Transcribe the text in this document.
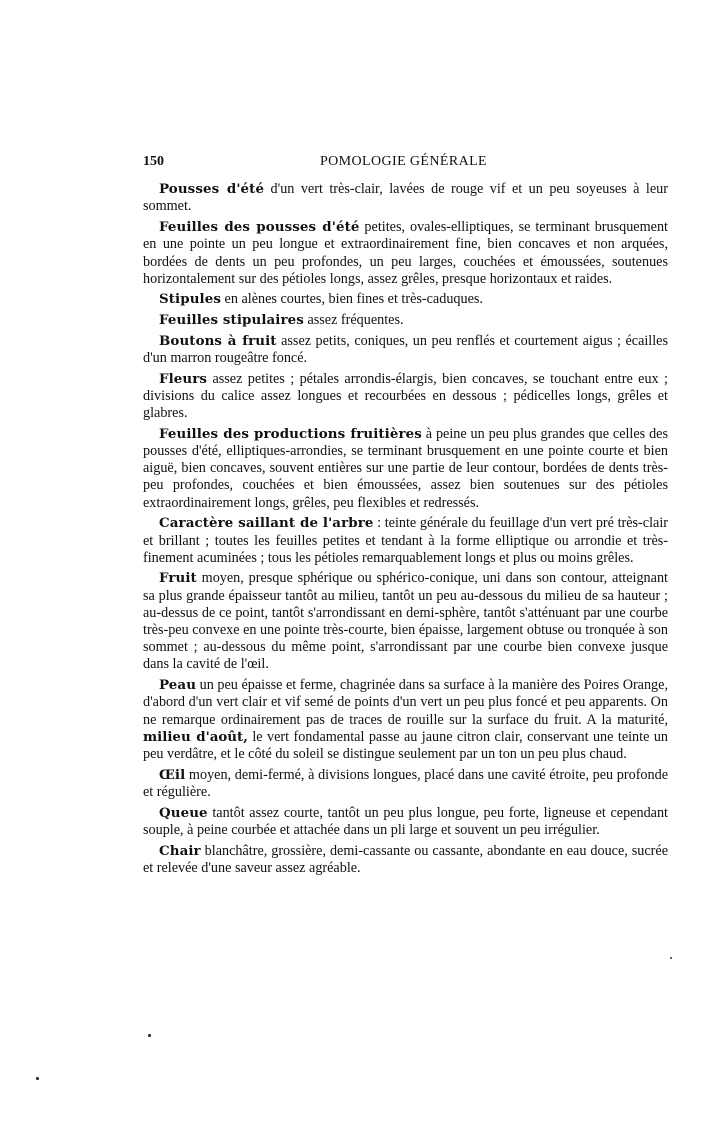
150	POMOLOGIE GÉNÉRALE

Pousses d'été d'un vert très-clair, lavées de rouge vif et un peu soyeuses à leur sommet.

Feuilles des pousses d'été petites, ovales-elliptiques, se terminant brusquement en une pointe un peu longue et extraordinairement fine, bien concaves et non arquées, bordées de dents un peu profondes, un peu larges, couchées et émoussées, soutenues horizontalement sur des pétioles longs, assez grêles, presque horizontaux et raides.

Stipules en alènes courtes, bien fines et très-caduques.

Feuilles stipulaires assez fréquentes.

Boutons à fruit assez petits, coniques, un peu renflés et courtement aigus ; écailles d'un marron rougeâtre foncé.

Fleurs assez petites ; pétales arrondis-élargis, bien concaves, se touchant entre eux ; divisions du calice assez longues et recourbées en dessous ; pédicelles longs, grêles et glabres.

Feuilles des productions fruitières à peine un peu plus grandes que celles des pousses d'été, elliptiques-arrondies, se terminant brusquement en une pointe courte et bien aiguë, bien concaves, souvent entières sur une partie de leur contour, bordées de dents très-peu profondes, couchées et bien émoussées, assez bien soutenues sur des pétioles extraordinairement longs, grêles, peu flexibles et redressés.

Caractère saillant de l'arbre : teinte générale du feuillage d'un vert pré très-clair et brillant ; toutes les feuilles petites et tendant à la forme elliptique ou arrondie et très-finement acuminées ; tous les pétioles remarquablement longs et plus ou moins grêles.

Fruit moyen, presque sphérique ou sphérico-conique, uni dans son contour, atteignant sa plus grande épaisseur tantôt au milieu, tantôt un peu au-dessous du milieu de sa hauteur ; au-dessus de ce point, tantôt s'arrondissant en demi-sphère, tantôt s'atténuant par une courbe très-peu convexe en une pointe très-courte, bien épaisse, largement obtuse ou tronquée à son sommet ; au-dessous du même point, s'arrondissant par une courbe bien convexe jusque dans la cavité de l'œil.

Peau un peu épaisse et ferme, chagrinée dans sa surface à la manière des Poires Orange, d'abord d'un vert clair et vif semé de points d'un vert un peu plus foncé et peu apparents. On ne remarque ordinairement pas de traces de rouille sur la surface du fruit. A la maturité, milieu d'août, le vert fondamental passe au jaune citron clair, conservant une teinte un peu verdâtre, et le côté du soleil se distingue seulement par un ton un peu plus chaud.

Œil moyen, demi-fermé, à divisions longues, placé dans une cavité étroite, peu profonde et régulière.

Queue tantôt assez courte, tantôt un peu plus longue, peu forte, ligneuse et cependant souple, à peine courbée et attachée dans un pli large et souvent un peu irrégulier.

Chair blanchâtre, grossière, demi-cassante ou cassante, abondante en eau douce, sucrée et relevée d'une saveur assez agréable.
